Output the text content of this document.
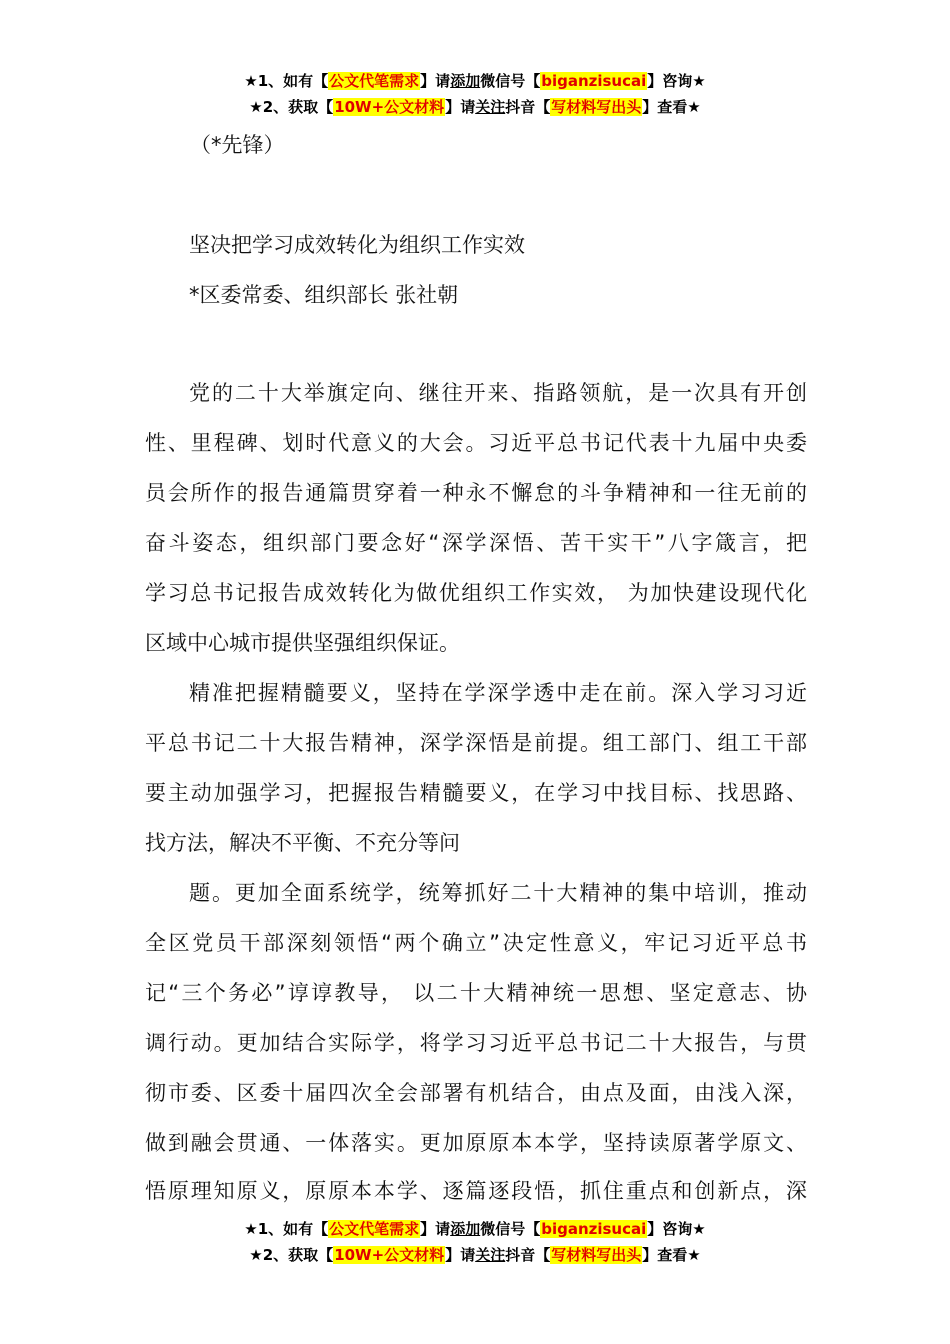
★1、如有【公文代笔需求】请添加微信号【biganzisucai】咨询★
★2、获取【10W+公文材料】请关注抖音【写材料写出头】查看★
（*先锋）
坚决把学习成效转化为组织工作实效
*区委常委、组织部长 张社朝
党的二十大举旗定向、继往开来、指路领航，是一次具有开创
性、里程碑、划时代意义的大会。习近平总书记代表十九届中央委
员会所作的报告通篇贯穿着一种永不懈怠的斗争精神和一往无前的
奋斗姿态，组织部门要念好“深学深悟、苦干实干”八字箴言，把
学习总书记报告成效转化为做优组织工作实效， 为加快建设现代化
区域中心城市提供坚强组织保证。
精准把握精髓要义，坚持在学深学透中走在前。深入学习习近
平总书记二十大报告精神，深学深悟是前提。组工部门、组工干部
要主动加强学习，把握报告精髓要义，在学习中找目标、找思路、
找方法，解决不平衡、不充分等问
题。更加全面系统学，统筹抓好二十大精神的集中培训，推动
全区党员干部深刻领悟“两个确立”决定性意义，牢记习近平总书
记“三个务必”谆谆教导， 以二十大精神统一思想、坚定意志、协
调行动。更加结合实际学，将学习习近平总书记二十大报告，与贯
彻市委、区委十届四次全会部署有机结合，由点及面，由浅入深，
做到融会贯通、一体落实。更加原原本本学，坚持读原著学原文、
悟原理知原义，原原本本学、逐篇逐段悟，抓住重点和创新点，深
★1、如有【公文代笔需求】请添加微信号【biganzisucai】咨询★
★2、获取【10W+公文材料】请关注抖音【写材料写出头】查看★
